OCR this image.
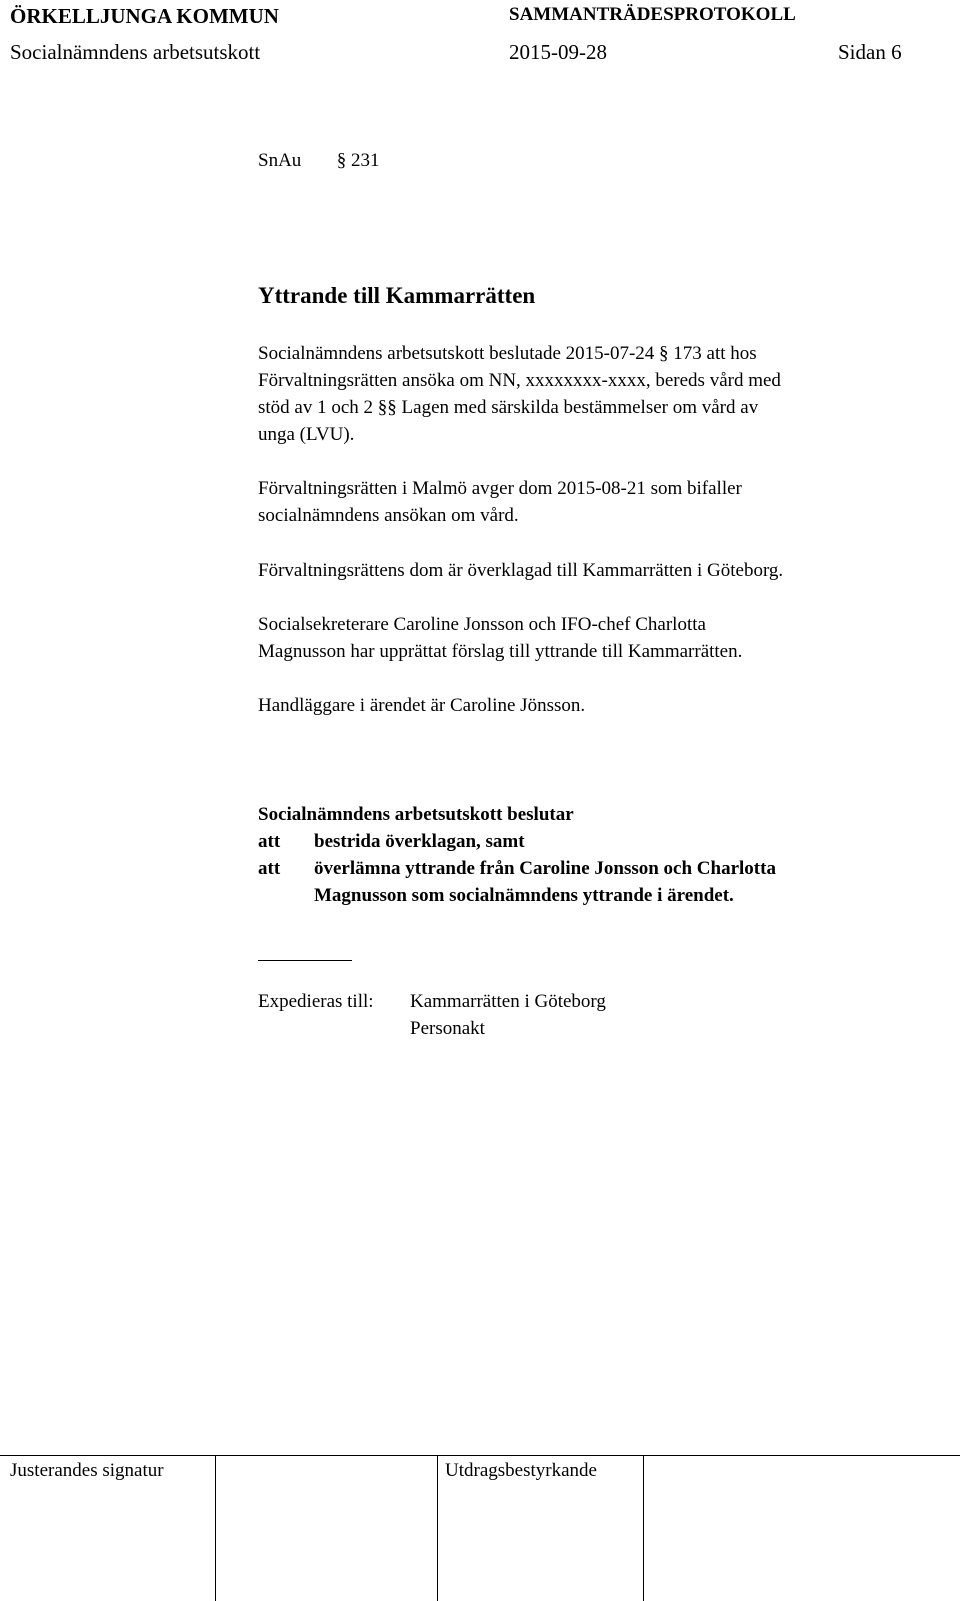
ÖRKELLJUNGA KOMMUN	SAMMANTRÄDESPROTOKOLL
Socialnämndens arbetsutskott	2015-09-28	Sidan 6
SnAu § 231
Yttrande till Kammarrätten
Socialnämndens arbetsutskott beslutade 2015-07-24 § 173 att hos
Förvaltningsrätten ansöka om NN, xxxxxxxx-xxxx, bereds vård med
stöd av 1 och 2 §§ Lagen med särskilda bestämmelser om vård av
unga (LVU).
Förvaltningsrätten i Malmö avger dom 2015-08-21 som bifaller
socialnämndens ansökan om vård.
Förvaltningsrättens dom är överklagad till Kammarrätten i Göteborg.
Socialsekreterare Caroline Jonsson och IFO-chef Charlotta
Magnusson har upprättat förslag till yttrande till Kammarrätten.
Handläggare i ärendet är Caroline Jönsson.
Socialnämndens arbetsutskott beslutar
att	bestrida överklagan, samt
att	överlämna yttrande från Caroline Jonsson och Charlotta
Magnusson som socialnämndens yttrande i ärendet.
Expedieras till: Kammarrätten i Göteborg
Personakt
Justerandes signatur	Utdragsbestyrkande
